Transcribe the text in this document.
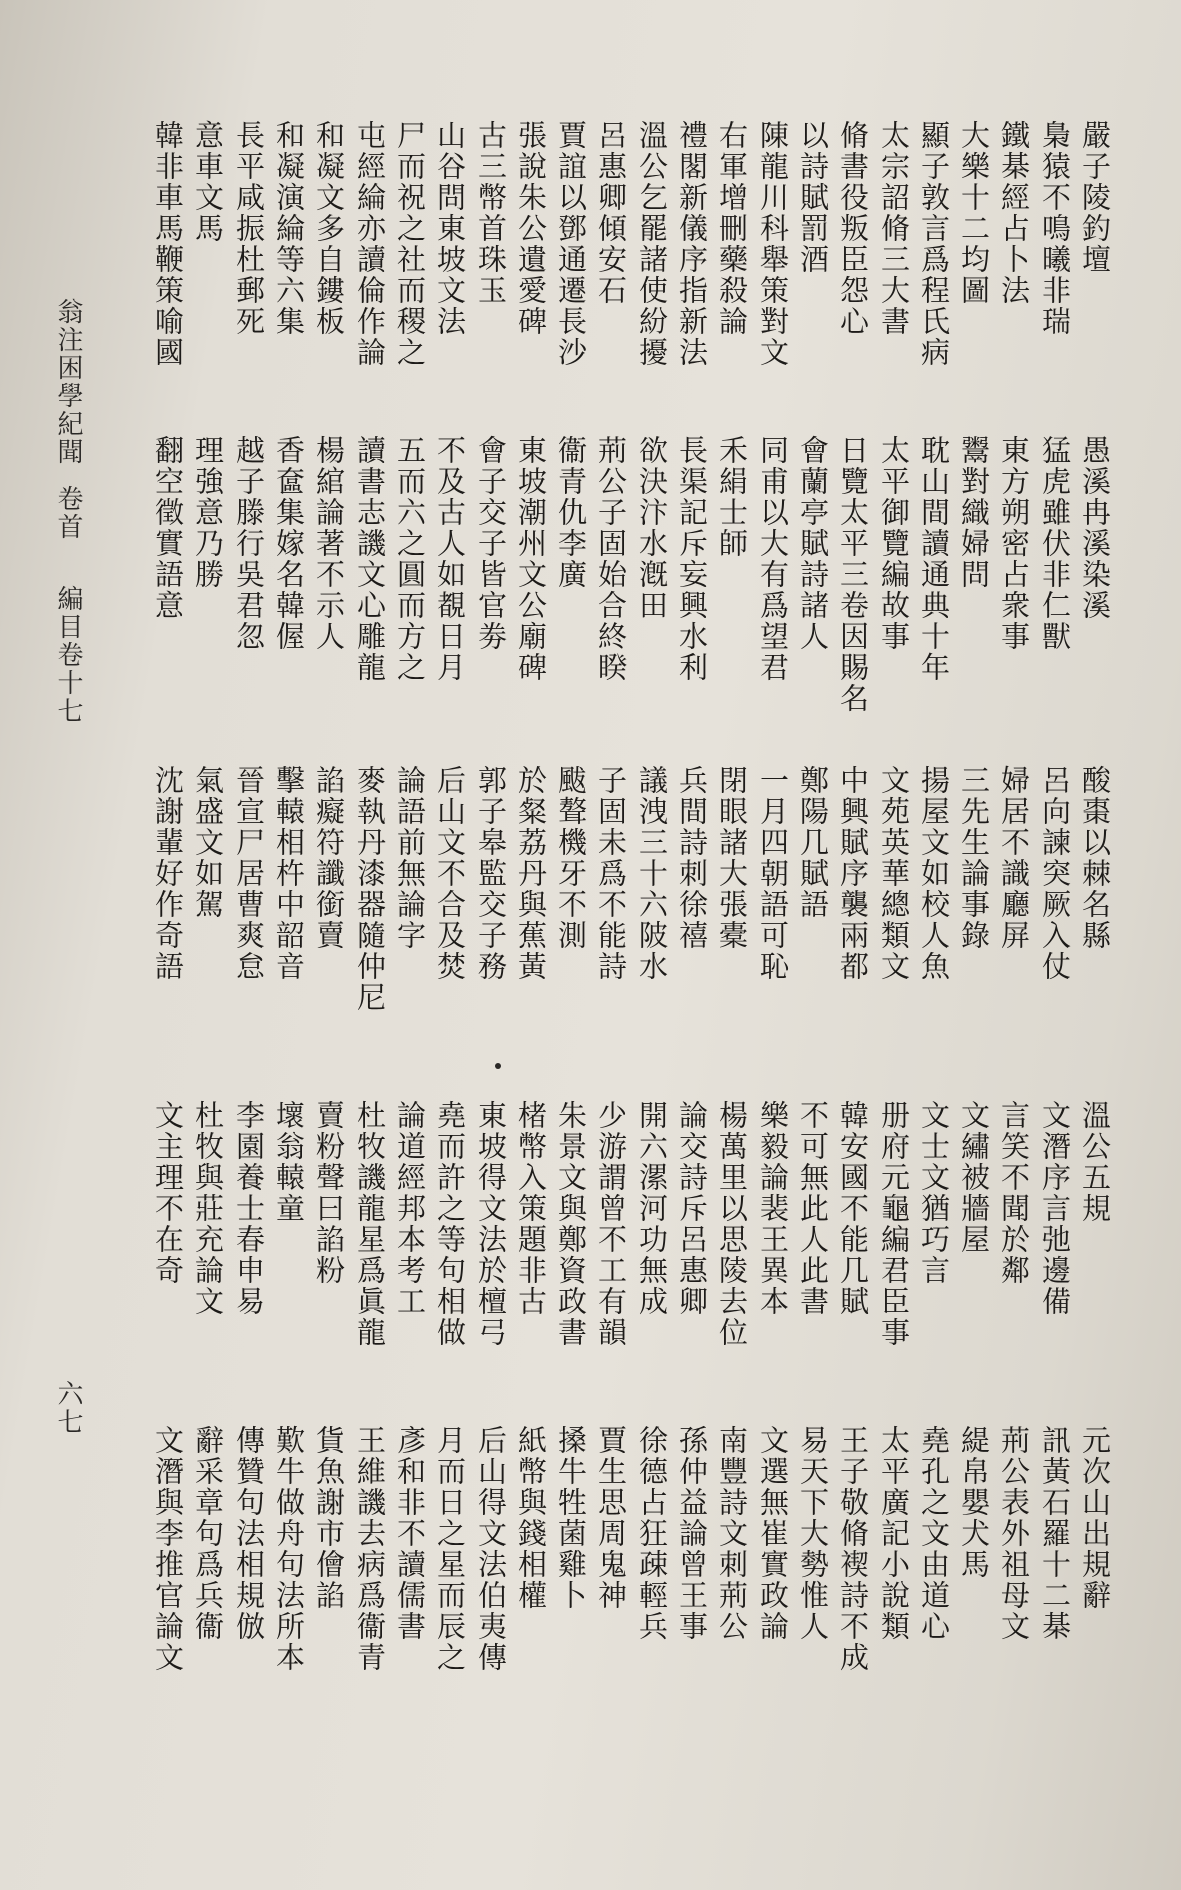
翁注困學紀聞
卷首
編目卷十七
六七
嚴子陵釣壇
梟猿不鳴曦非瑞
鐵棊經占卜法
大樂十二均圖
顯子敦言爲程氏病
太宗詔脩三大書
脩書役叛臣怨心
以詩賦罰酒
陳龍川科舉策對文
右軍增刪藥殺論
禮閣新儀序指新法
溫公乞罷諸使紛擾
呂惠卿傾安石
賈誼以鄧通遷長沙
張說朱公遺愛碑
古三幣首珠玉
山谷問東坡文法
尸而祝之社而稷之
屯經綸亦讀倫作論
和凝文多自鏤板
和凝演綸等六集
長平咸振杜郵死
意車文馬
韓非車馬鞭策喻國
愚溪冉溪染溪
猛虎雖伏非仁獸
東方朔密占衆事
鬻對織婦問
耽山間讀通典十年
太平御覽編故事
日覽太平三卷因賜名
會蘭亭賦詩諸人
同甫以大有爲望君
禾絹士師
長渠記斥妄興水利
欲決汴水漑田
荊公子固始合終睽
衞青仇李廣
東坡潮州文公廟碑
會子交子皆官劵
不及古人如覩日月
五而六之圓而方之
讀書志譏文心雕龍
楊綰論著不示人
香奩集嫁名韓偓
越子滕行吳君忽
理強意乃勝
翻空徵實語意
酸棗以棘名縣
呂向諫突厥入仗
婦居不識廳屏
三先生論事錄
揚屋文如校人魚
文苑英華總類文
中興賦序襲兩都
鄭陽几賦語
一月四朝語可恥
閉眼諸大張橐
兵間詩刺徐禧
議洩三十六陂水
子固未爲不能詩
颰聱機牙不測
於粲荔丹與蕉黃
郭子皋監交子務
后山文不合及焚
論語前無論字
麥執丹漆器隨仲尼
諂癡符讖銜賣
擊轅相杵中韶音
晉宣尸居曹爽怠
氣盛文如駕
沈謝輩好作奇語
溫公五規
文潛序言弛邊備
言笑不聞於鄰
文繡被牆屋
文士文猶巧言
册府元龜編君臣事
韓安國不能几賦
不可無此人此書
樂毅論裴王異本
楊萬里以思陵去位
論交詩斥呂惠卿
開六漯河功無成
少游謂曾不工有韻
朱景文與鄭資政書
楮幣入策題非古
東坡得文法於檀弓
堯而許之等句相做
論道經邦本考工
杜牧譏龍星爲眞龍
賣粉聲曰諂粉
壞翁轅童
李園養士春申易
杜牧與莊充論文
文主理不在奇
元次山出規辭
訊黃石羅十二棊
荊公表外祖母文
緹帛嬰犬馬
堯孔之文由道心
太平廣記小說類
王子敬脩褉詩不成
易天下大勢惟人
文選無崔實政論
南豐詩文刺荊公
孫仲益論曾王事
徐德占狂疎輕兵
賈生思周鬼神
搡牛牲菌雞卜
紙幣與錢相權
后山得文法伯夷傳
月而日之星而辰之
彥和非不讀儒書
王維譏去病爲衞青
貨魚謝市儈諂
歎牛做舟句法所本
傳贊句法相規倣
辭采章句爲兵衞
文潛與李推官論文
